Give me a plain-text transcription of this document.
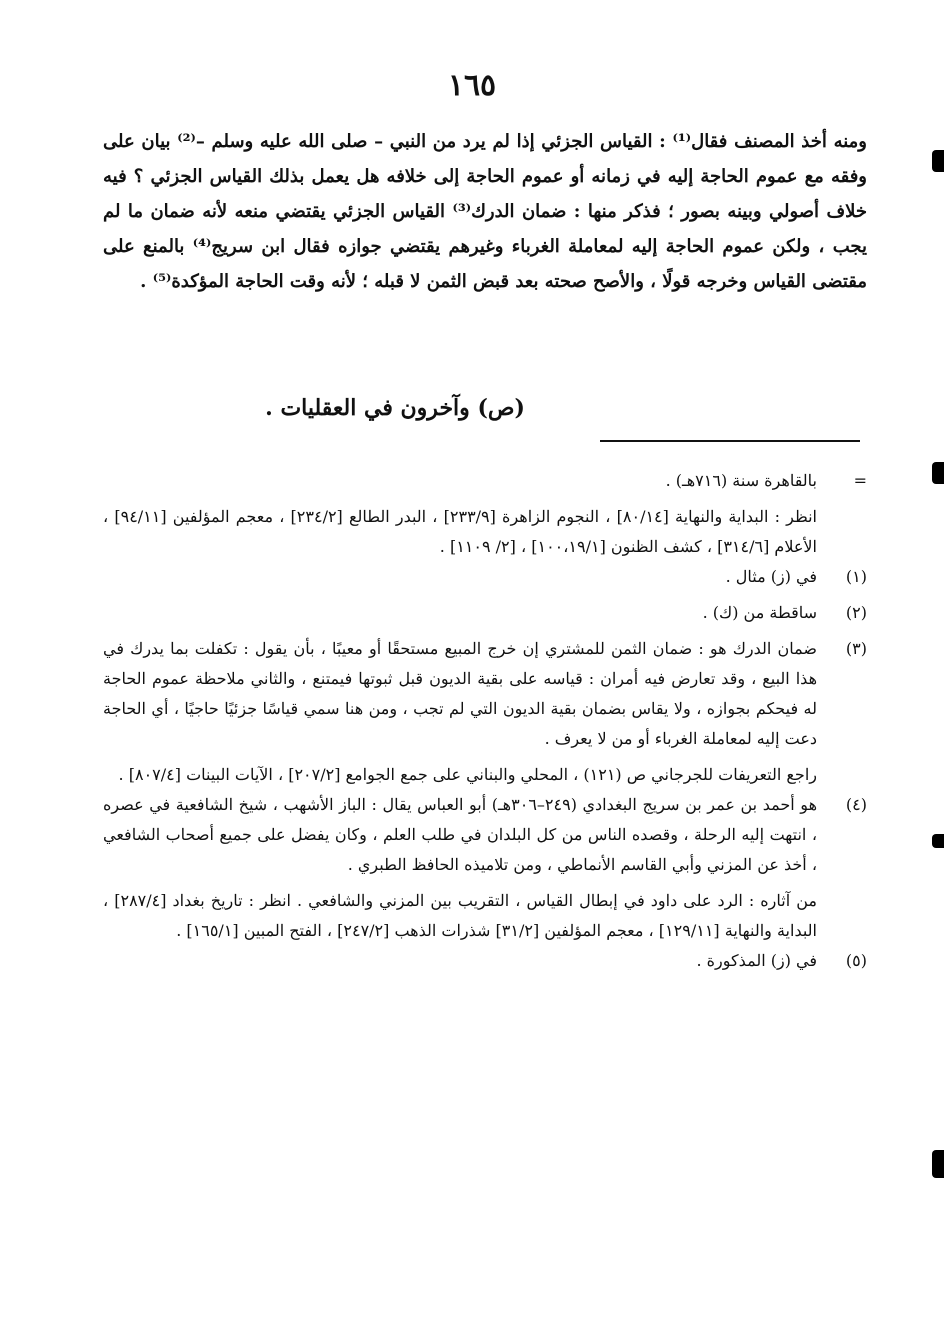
١٦٥

ومنه أخذ المصنف فقال⁽¹⁾ : القياس الجزئي إذا لم يرد من النبي – صلى الله عليه وسلم –⁽²⁾ بيان على وفقه مع عموم الحاجة إليه في زمانه أو عموم الحاجة إلى خلافه هل يعمل بذلك القياس الجزئي ؟ فيه خلاف أصولي وبينه بصور ؛ فذكر منها : ضمان الدرك⁽³⁾ القياس الجزئي يقتضي منعه لأنه ضمان ما لم يجب ، ولكن عموم الحاجة إليه لمعاملة الغرباء وغيرهم يقتضي جوازه فقال ابن سريج⁽⁴⁾ بالمنع على مقتضى القياس وخرجه قولًا ، والأصح صحته بعد قبض الثمن لا قبله ؛ لأنه وقت الحاجة المؤكدة⁽⁵⁾ .

(ص) وآخرون في العقليات .
=
بالقاهرة سنة (٧١٦هـ) .

انظر : البداية والنهاية [٨٠/١٤] ، النجوم الزاهرة [٢٣٣/٩] ، البدر الطالع [٢٣٤/٢] ، معجم المؤلفين [٩٤/١١] ، الأعلام [٣١٤/٦] ، كشف الظنون [١٠٠،١٩/١] ، [٢/ ١١٠٩] .

(١)
في (ز) مثال .
(٢)
ساقطة من (ك) .
(٣)
ضمان الدرك هو : ضمان الثمن للمشتري إن خرج المبيع مستحقًا أو معيبًا ، بأن يقول : تكفلت بما يدرك في هذا البيع ، وقد تعارض فيه أمران : قياسه على بقية الديون قبل ثبوتها فيمتنع ، والثاني ملاحظة عموم الحاجة له فيحكم بجوازه ، ولا يقاس بضمان بقية الديون التي لم تجب ، ومن هنا سمي قياسًا جزئيًا حاجيًا ، أي الحاجة دعت إليه لمعاملة الغرباء أو من لا يعرف .

راجع التعريفات للجرجاني ص (١٢١) ، المحلي والبناني على جمع الجوامع [٢٠٧/٢] ، الآيات البينات [٨٠٧/٤] .

(٤)
هو أحمد بن عمر بن سريج البغدادي (٢٤٩–٣٠٦هـ) أبو العباس يقال : الباز الأشهب ، شيخ الشافعية في عصره ، انتهت إليه الرحلة ، وقصده الناس من كل البلدان في طلب العلم ، وكان يفضل على جميع أصحاب الشافعي ، أخذ عن المزني وأبي القاسم الأنماطي ، ومن تلاميذه الحافظ الطبري .

من آثاره : الرد على داود في إبطال القياس ، التقريب بين المزني والشافعي . انظر : تاريخ بغداد [٢٨٧/٤] ، البداية والنهاية [١٢٩/١١] ، معجم المؤلفين [٣١/٢] شذرات الذهب [٢٤٧/٢] ، الفتح المبين [١٦٥/١] .

(٥)
في (ز) المذكورة .
